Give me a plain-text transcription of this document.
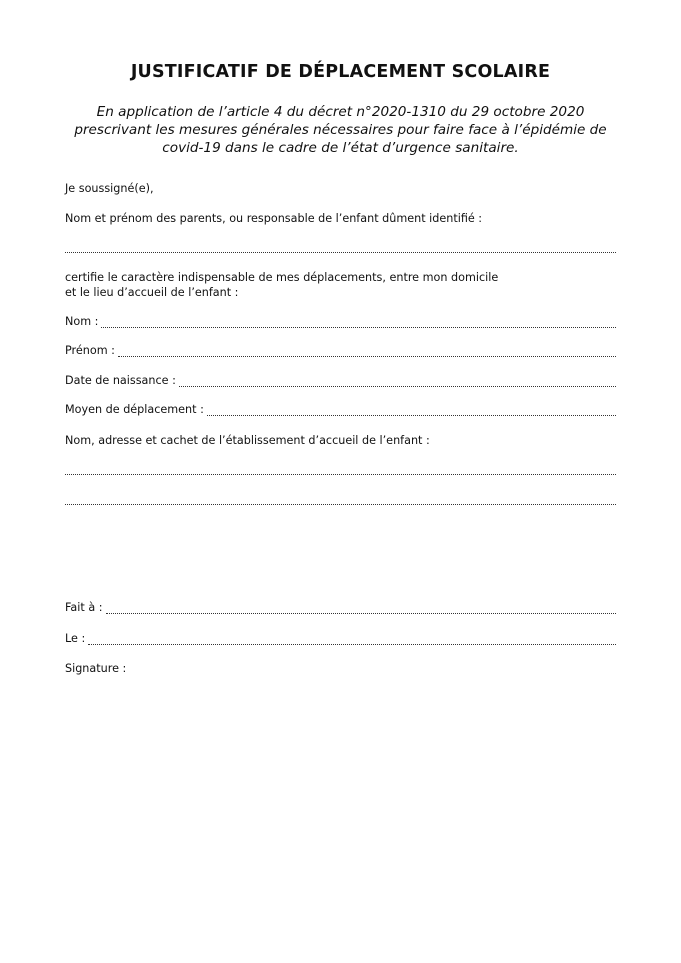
JUSTIFICATIF DE DÉPLACEMENT SCOLAIRE
En application de l’article 4 du décret n°2020-1310 du 29 octobre 2020 prescrivant les mesures générales nécessaires pour faire face à l’épidémie de covid-19 dans le cadre de l’état d’urgence sanitaire.
Je soussigné(e),
Nom et prénom des parents, ou responsable de l’enfant dûment identifié :
certifie le caractère indispensable de mes déplacements, entre mon domicile
et le lieu d’accueil de l’enfant :
Nom :
Prénom :
Date de naissance :
Moyen de déplacement :
Nom, adresse et cachet de l’établissement d’accueil de l’enfant :
Fait à :
Le :
Signature :
